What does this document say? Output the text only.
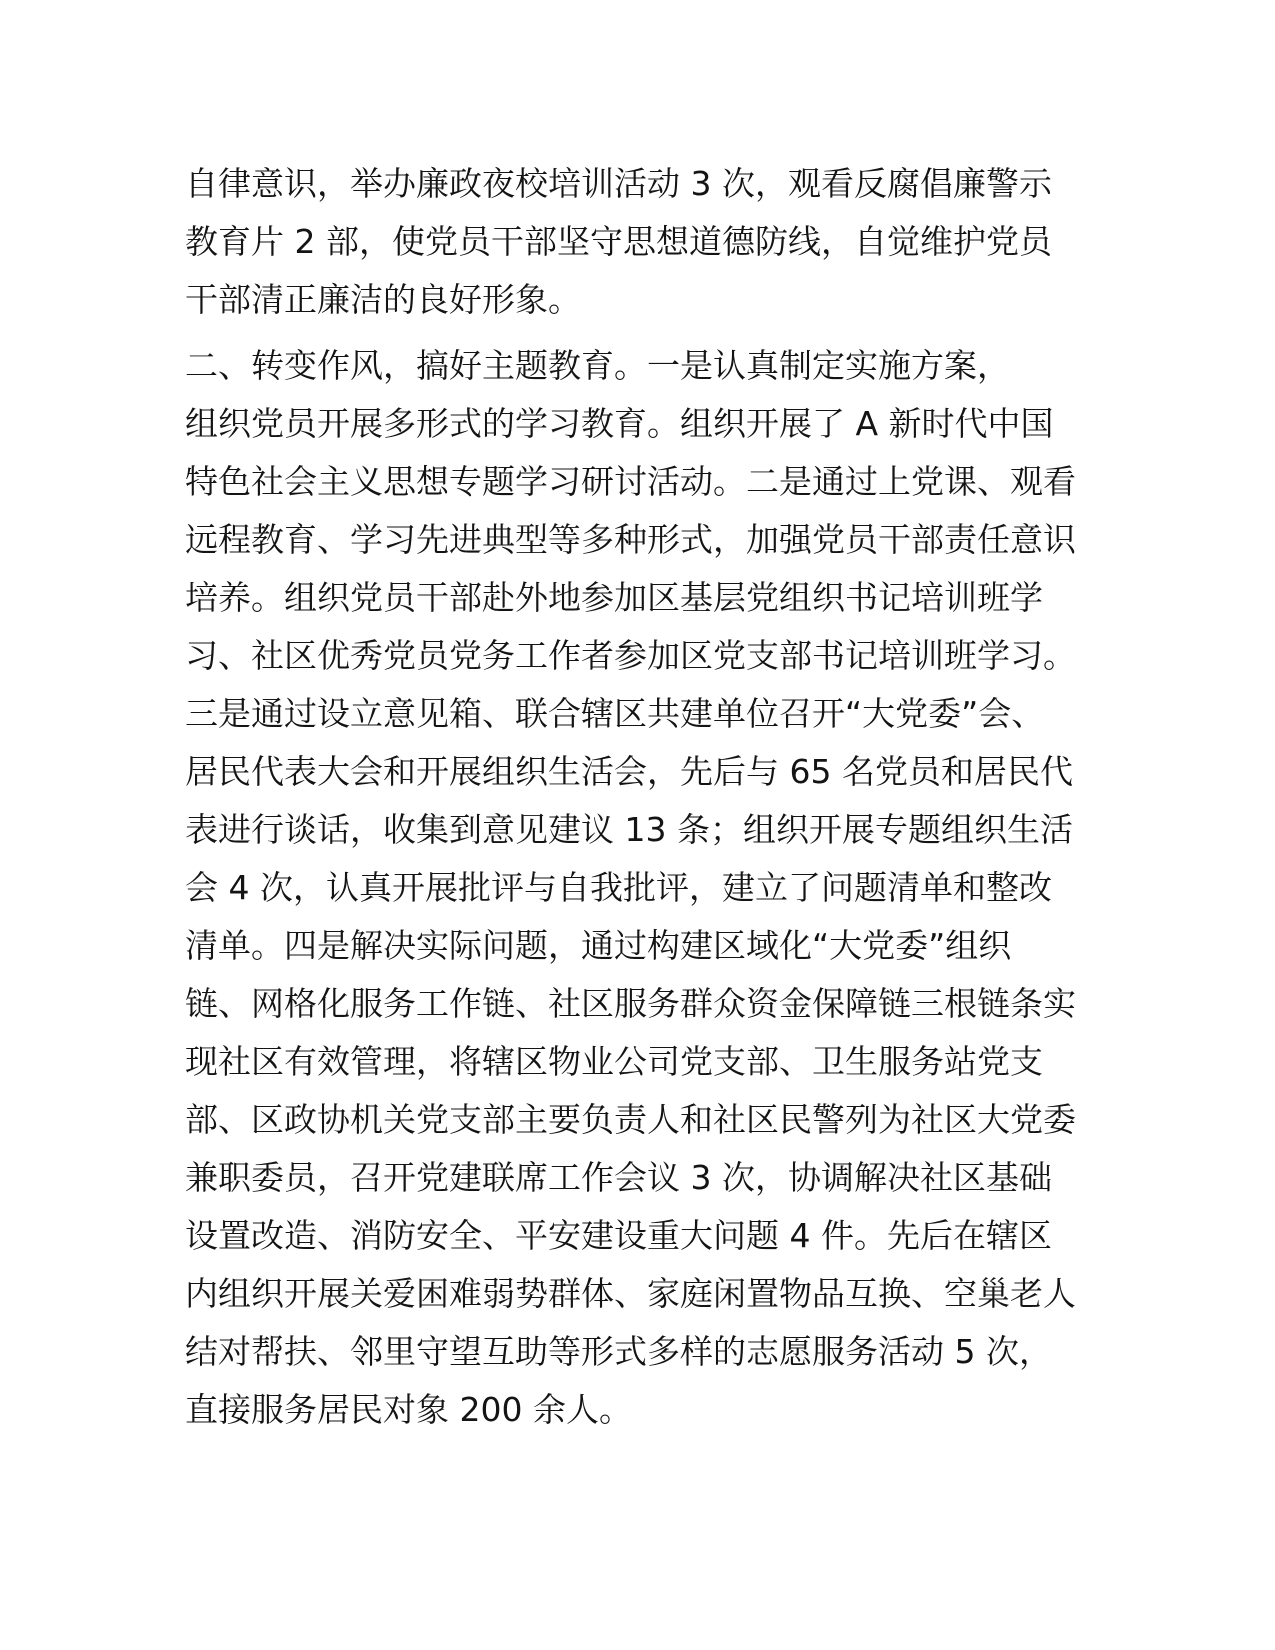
自律意识，举办廉政夜校培训活动 3 次，观看反腐倡廉警示
教育片 2 部，使党员干部坚守思想道德防线，自觉维护党员
干部清正廉洁的良好形象。
二、转变作风，搞好主题教育。一是认真制定实施方案，
组织党员开展多形式的学习教育。组织开展了 A 新时代中国
特色社会主义思想专题学习研讨活动。二是通过上党课、观看
远程教育、学习先进典型等多种形式，加强党员干部责任意识
培养。组织党员干部赴外地参加区基层党组织书记培训班学
习、社区优秀党员党务工作者参加区党支部书记培训班学习。
三是通过设立意见箱、联合辖区共建单位召开“大党委”会、
居民代表大会和开展组织生活会，先后与 65 名党员和居民代
表进行谈话，收集到意见建议 13 条；组织开展专题组织生活
会 4 次，认真开展批评与自我批评，建立了问题清单和整改
清单。四是解决实际问题，通过构建区域化“大党委”组织
链、网格化服务工作链、社区服务群众资金保障链三根链条实
现社区有效管理，将辖区物业公司党支部、卫生服务站党支
部、区政协机关党支部主要负责人和社区民警列为社区大党委
兼职委员，召开党建联席工作会议 3 次，协调解决社区基础
设置改造、消防安全、平安建设重大问题 4 件。先后在辖区
内组织开展关爱困难弱势群体、家庭闲置物品互换、空巢老人
结对帮扶、邻里守望互助等形式多样的志愿服务活动 5 次，
直接服务居民对象 200 余人。
